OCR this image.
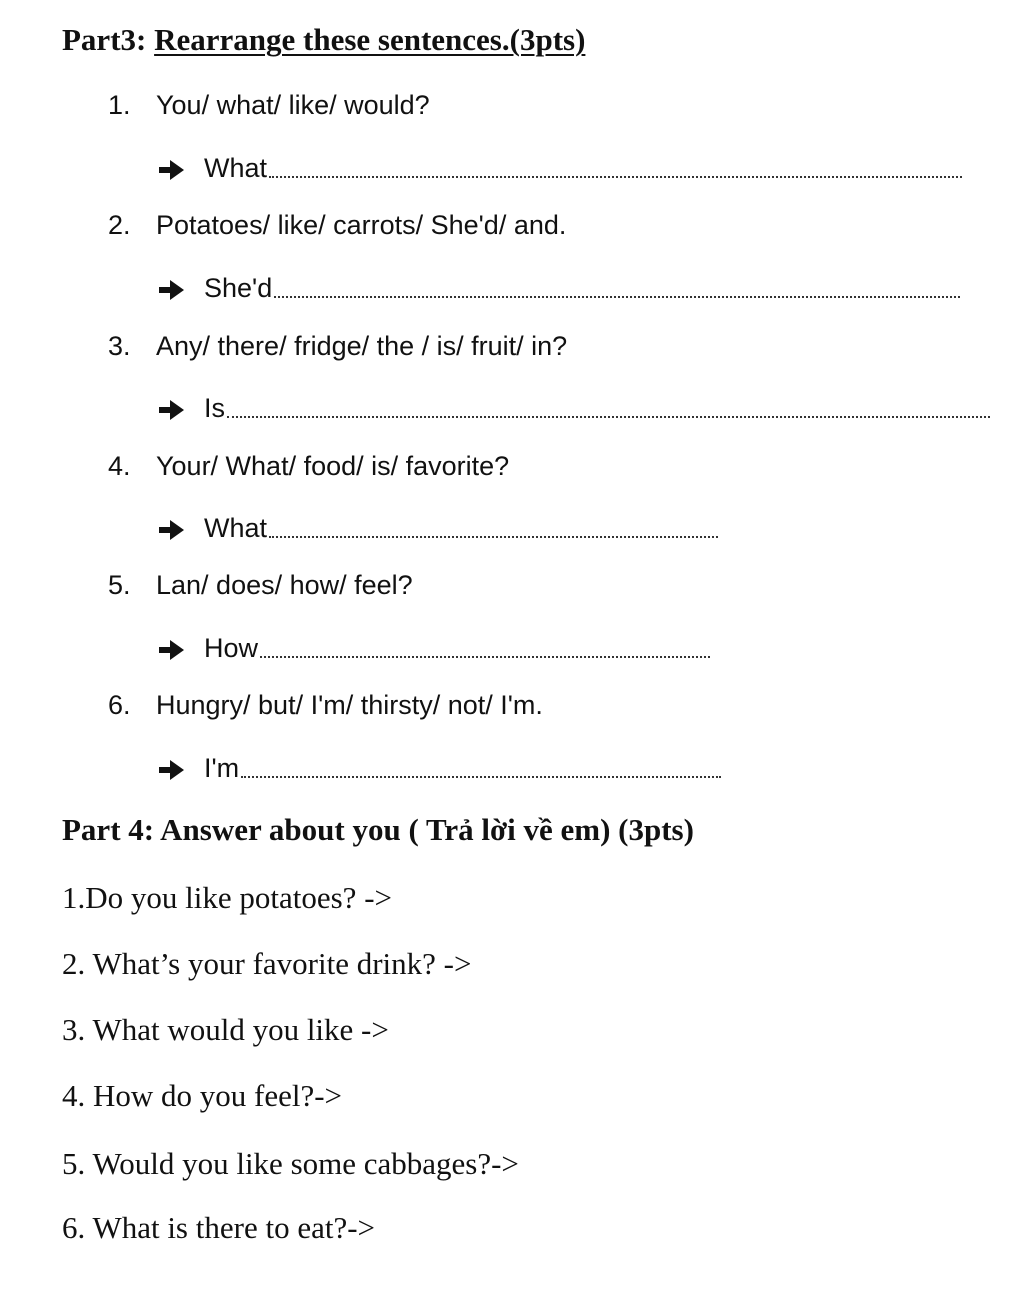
Part3: Rearrange these sentences.(3pts)
1. You/ what/ like/ would?
What
2. Potatoes/ like/ carrots/ She'd/ and.
She'd
3. Any/ there/ fridge/ the / is/ fruit/ in?
Is
4. Your/ What/ food/ is/ favorite?
What
5. Lan/ does/ how/ feel?
How
6. Hungry/ but/ I'm/ thirsty/ not/ I'm.
I'm
Part 4: Answer about you ( Trả lời về em) (3pts)
1.Do you like potatoes? ->
2. What’s your favorite drink? ->
3. What would you like ->
4. How do you feel?->
5. Would you like some cabbages?->
6. What is there to eat?->
